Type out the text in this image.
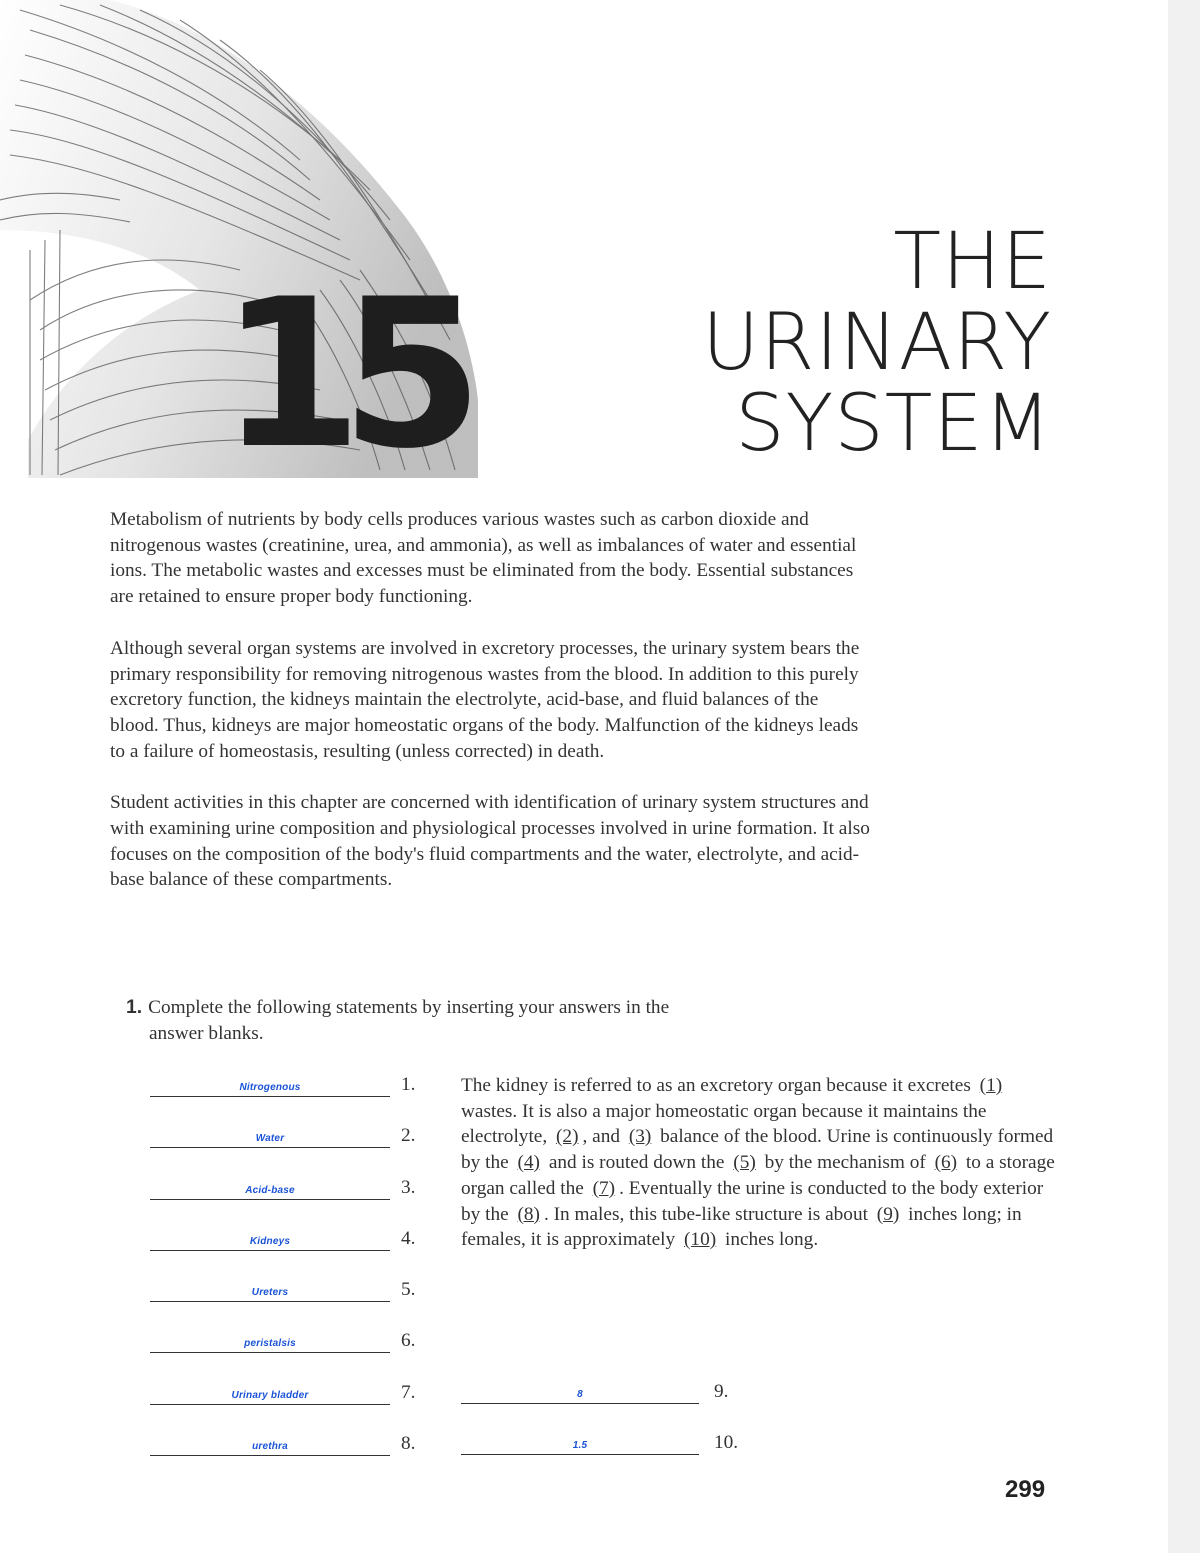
15	THE
URINARY
SYSTEM

Metabolism of nutrients by body cells produces various wastes such as carbon dioxide and nitrogenous wastes (creatinine, urea, and ammonia), as well as imbalances of water and essential ions. The metabolic wastes and excesses must be eliminated from the body. Essential substances are retained to ensure proper body functioning.

Although several organ systems are involved in excretory processes, the urinary system bears the primary responsibility for removing nitrogenous wastes from the blood. In addition to this purely excretory function, the kidneys maintain the electrolyte, acid-base, and fluid balances of the blood. Thus, kidneys are major homeostatic organs of the body. Malfunction of the kidneys leads to a failure of homeostasis, resulting (unless corrected) in death.

Student activities in this chapter are concerned with identification of urinary system structures and with examining urine composition and physiological processes involved in urine formation. It also focuses on the composition of the body's fluid compartments and the water, electrolyte, and acid-base balance of these compartments.

1. Complete the following statements by inserting your answers in the
answer blanks.
Nitrogenous	1.
Water	2.
Acid-base	3.
Kidneys	4.
Ureters	5.
peristalsis	6.
Urinary bladder	7.
urethra	8.

The kidney is referred to as an excretory organ because it excretes (1) wastes. It is also a major homeostatic organ because it maintains the electrolyte, (2) , and (3) balance of the blood. Urine is continuously formed by the (4) and is routed down the (5) by the mechanism of (6) to a storage organ called the (7) . Eventually the urine is conducted to the body exterior by the (8) . In males, this tube-like structure is about (9) inches long; in females, it is approximately (10) inches long.

8	9.
1.5	10.
299
